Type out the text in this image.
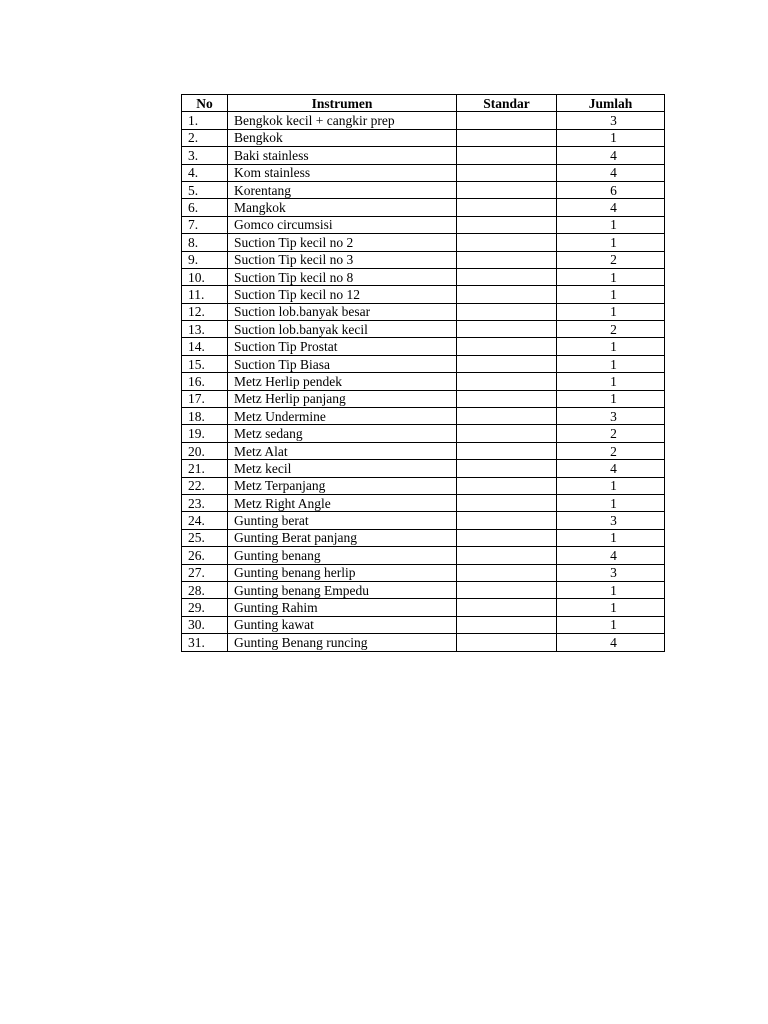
No	Instrumen	Standar	Jumlah
1.	Bengkok kecil + cangkir prep		3
2.	Bengkok		1
3.	Baki stainless		4
4.	Kom stainless		4
5.	Korentang		6
6.	Mangkok		4
7.	Gomco circumsisi		1
8.	Suction Tip kecil no 2		1
9.	Suction Tip kecil no 3		2
10.	Suction Tip kecil no 8		1
11.	Suction Tip kecil no 12		1
12.	Suction lob.banyak besar		1
13.	Suction lob.banyak kecil		2
14.	Suction Tip Prostat		1
15.	Suction Tip Biasa		1
16.	Metz Herlip pendek		1
17.	Metz Herlip panjang		1
18.	Metz Undermine		3
19.	Metz sedang		2
20.	Metz Alat		2
21.	Metz kecil		4
22.	Metz Terpanjang		1
23.	Metz Right Angle		1
24.	Gunting berat		3
25.	Gunting Berat panjang		1
26.	Gunting benang		4
27.	Gunting benang herlip		3
28.	Gunting benang Empedu		1
29.	Gunting Rahim		1
30.	Gunting kawat		1
31.	Gunting Benang runcing		4
